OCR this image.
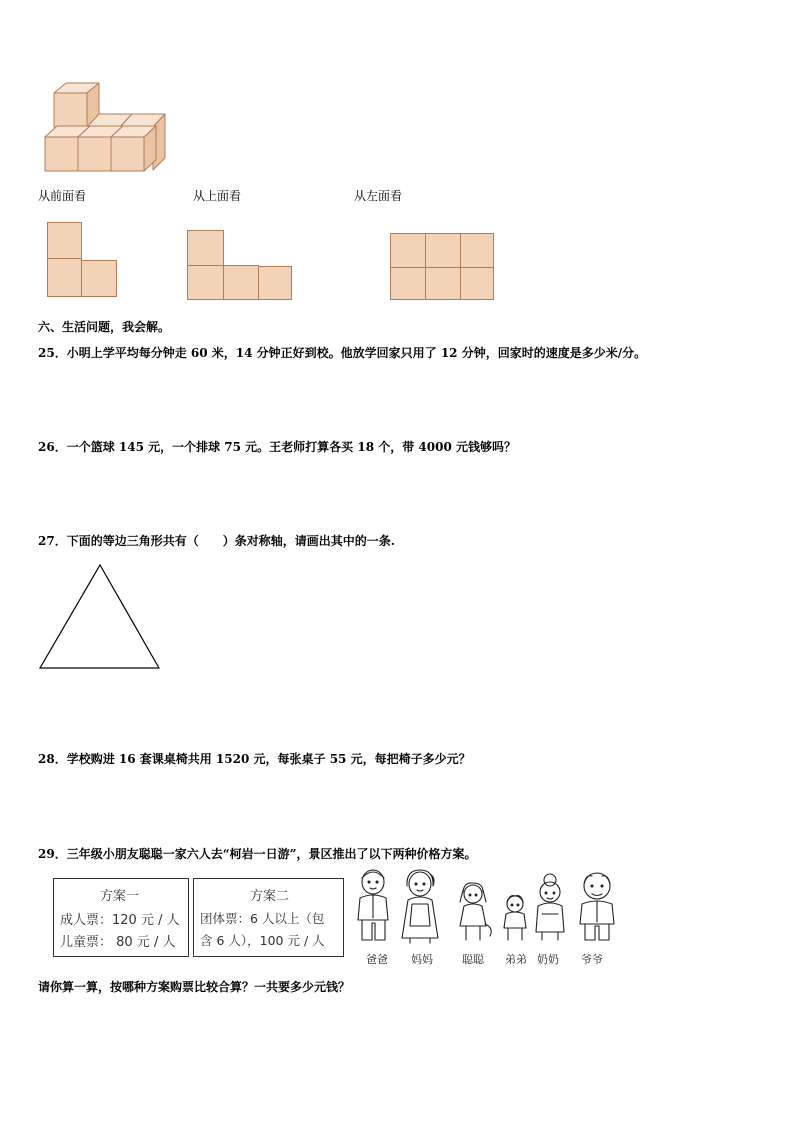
从前面看	从上面看	从左面看
六、生活问题，我会解。
25．小明上学平均每分钟走 60 米，14 分钟正好到校。他放学回家只用了 12 分钟，回家时的速度是多少米/分。
26．一个篮球 145 元，一个排球 75 元。王老师打算各买 18 个，带 4000 元钱够吗？
27．下面的等边三角形共有（　　）条对称轴，请画出其中的一条.
28．学校购进 16 套课桌椅共用 1520 元，每张桌子 55 元，每把椅子多少元？
29．三年级小朋友聪聪一家六人去“柯岩一日游”，景区推出了以下两种价格方案。
方案一
成人票：120 元 / 人
儿童票： 80 元 / 人
方案二
团体票：6 人以上（包
含 6 人），100 元 / 人
爸爸 妈妈	聪聪 弟弟 奶奶 爷爷
请你算一算，按哪种方案购票比较合算？一共要多少元钱？
